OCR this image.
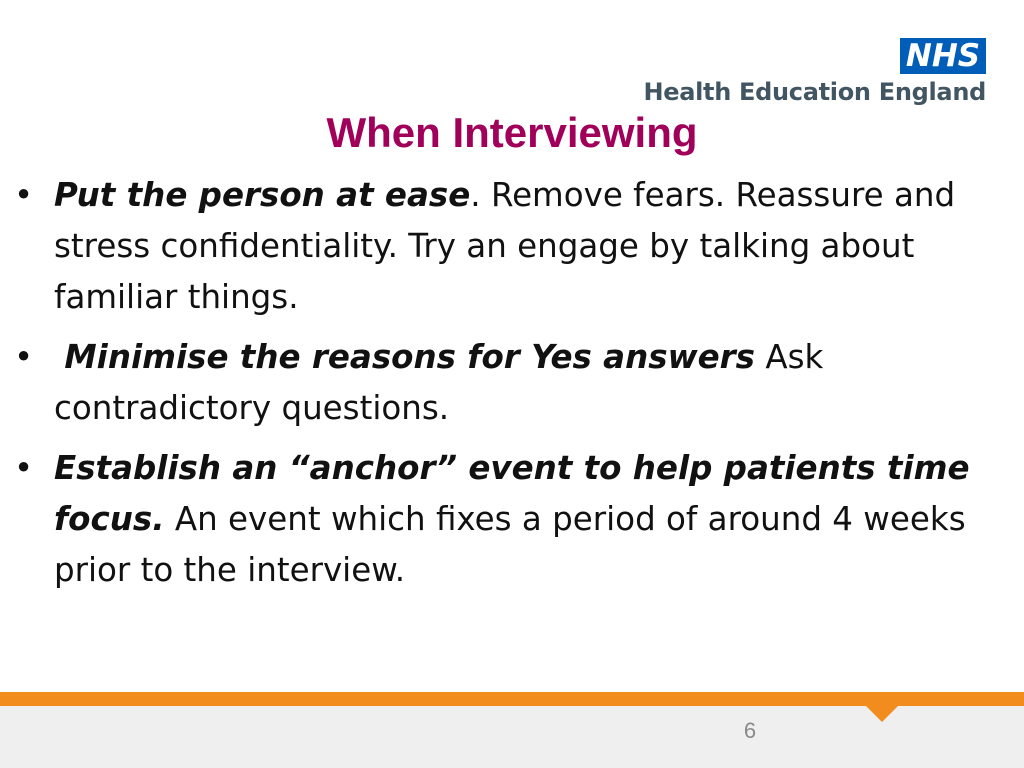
NHS
Health Education England
When Interviewing
• Put the person at ease. Remove fears. Reassure and stress confidentiality. Try an engage by talking about familiar things.
• Minimise the reasons for Yes answers Ask contradictory questions.
• Establish an “anchor” event to help patients time focus. An event which fixes a period of around 4 weeks prior to the interview.
6
